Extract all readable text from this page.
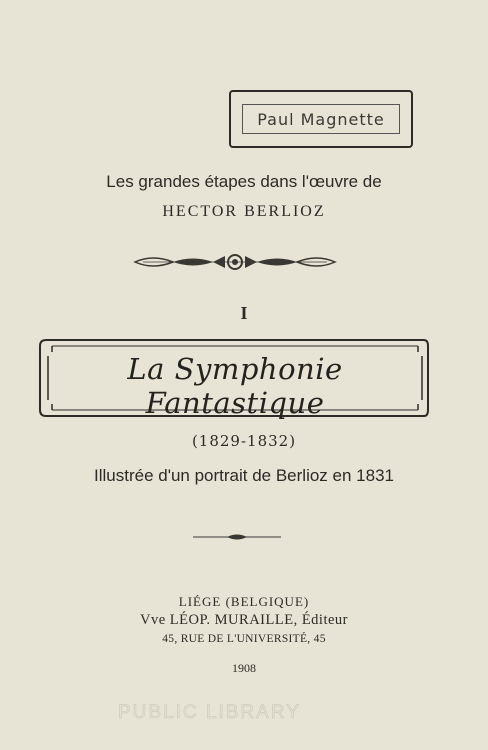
Paul Magnette
Les grandes étapes dans l'œuvre de
HECTOR BERLIOZ
I
La Symphonie Fantastique
(1829-1832)
Illustrée d'un portrait de Berlioz en 1831
LIÉGE (BELGIQUE)
Vve LÉOP. MURAILLE, Éditeur
45, RUE DE L'UNIVERSITÉ, 45
1908
PUBLIC LIBRARY
